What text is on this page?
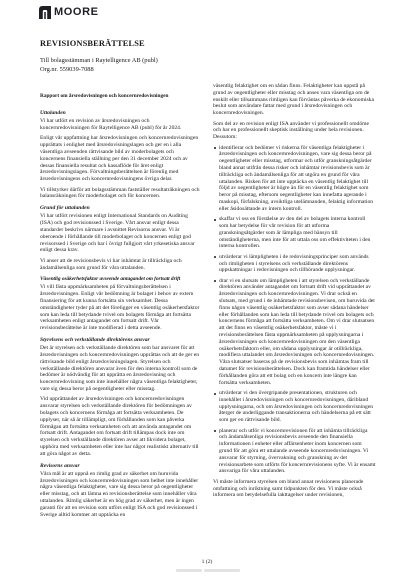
MOORE
REVISIONSBERÄTTELSE
Till bolagsstämman i Raytelligence AB (publ)
Org.nr. 559039-7088
Rapport om årsredovisningen och koncernredovisningen
Uttalanden

Vi har utfört en revision av årsredovisningen och koncernredovisningen för Raytelligence AB (publ) för år 2024.

Enligt vår uppfattning har årsredovisningen och koncernredovisningen upprättats i enlighet med årsredovisningslagen och ger en i alla väsentliga avseenden rättvisande bild av moderbolagets och koncernens finansiella ställning per den 31 december 2024 och av dessas finansiella resultat och kassaflöde för året enligt årsredovisningslagen. Förvaltningsberättelsen är förenlig med årsredovisningens och koncernredovisningens övriga delar.

Vi tillstyrker därför att bolagsstämman fastställer resultaträkningen och balansräkningen för moderbolaget och för koncernen.

Grund för uttalanden

Vi har utfört revisionen enligt International Standards on Auditing (ISA) och god revisionssed i Sverige. Vårt ansvar enligt dessa standarder beskrivs närmare i avsnittet Revisorns ansvar. Vi är oberoende i förhållande till moderbolaget och koncernen enligt god revisorssed i Sverige och har i övrigt fullgjort vårt yrkesetiska ansvar enligt dessa krav.

Vi anser att de revisionsbevis vi har inhämtat är tillräckliga och ändamålsenliga som grund för våra uttalanden.

Väsentlig osäkerhetsfaktor avseende antagandet om fortsatt drift

Vi vill fästa uppmärksamheten på förvaltningsberättelsen i årsredovisningen. Enligt vår bedömning är bolaget i behov av extern finansiering för att kunna fortsätta sin verksamhet. Dessa omständigheter tyder på att det föreligger en väsentlig osäkerhetsfaktor som kan leda till betydande tvivel om bolagets förmåga att fortsätta verksamheten enligt antagandet om fortsatt drift. Vår revisionsberättelse är inte modifierad i detta avseende.

Styrelsens och verkställande direktörens ansvar

Det är styrelsen och verkställande direktören som har ansvaret för att årsredovisningen och koncernredovisningen upprättas och att de ger en rättvisande bild enligt årsredovisningslagen. Styrelsen och verkställande direktören ansvarar även för den interna kontroll som de bedömer är nödvändig för att upprätta en årsredovisning och koncernredovisning som inte innehåller några väsentliga felaktigheter, vare sig dessa beror på oegentligheter eller misstag.

Vid upprättandet av årsredovisningen och koncernredovisningen ansvarar styrelsen och verkställande direktören för bedömningen av bolagets och koncernens förmåga att fortsätta verksamheten. De upplyser, när så är tillämpligt, om förhållanden som kan påverka förmågan att fortsätta verksamheten och att använda antagandet om fortsatt drift. Antagandet om fortsatt drift tillämpas dock inte om styrelsen och verkställande direktören avser att likvidera bolaget, upphöra med verksamheten eller inte har något realistiskt alternativ till att göra något av detta.

Revisorns ansvar

Våra mål är att uppnå en rimlig grad av säkerhet om huruvida årsredovisningen och koncernredovisningen som helhet inte innehåller några väsentliga felaktigheter, vare sig dessa beror på oegentligheter eller misstag, och att lämna en revisionsberättelse som innehåller våra uttalanden. Rimlig säkerhet är en hög grad av säkerhet, men är ingen garanti för att en revision som utförs enligt ISA och god revisionssed i Sverige alltid kommer att upptäcka en

väsentlig felaktighet om en sådan finns. Felaktigheter kan uppstå på grund av oegentligheter eller misstag och anses vara väsentliga om de enskilt eller tillsammans rimligen kan förväntas påverka de ekonomiska beslut som användare fattar med grund i årsredovisningen och koncernredovisningen.

Som del av en revision enligt ISA använder vi professionellt omdöme och har en professionellt skeptisk inställning under hela revisionen. Dessutom:

identifierar och bedömer vi riskerna för väsentliga felaktigheter i årsredovisningen och koncernredovisningen, vare sig dessa beror på oegentligheter eller misstag, utformar och utför granskningsåtgärder bland annat utifrån dessa risker och inhämtar revisionsbevis som är tillräckliga och ändamålsenliga för att utgöra en grund för våra uttalanden. Risken för att inte upptäcka en väsentlig felaktighet till följd av oegentligheter är högre än för en väsentlig felaktighet som beror på misstag, eftersom oegentligheter kan innefatta agerande i maskopi, förfalskning, avsiktliga utelämnanden, felaktig information eller åsidosättande av intern kontroll.

skaffar vi oss en förståelse av den del av bolagets interna kontroll som har betydelse för vår revision för att utforma granskningsåtgärder som är lämpliga med hänsyn till omständigheterna, men inte för att uttala oss om effektiviteten i den interna kontrollen.

utvärderar vi lämpligheten i de redovisningsprinciper som används och rimligheten i styrelsens och verkställande direktörens uppskattningar i redovisningen och tillhörande upplysningar.

drar vi en slutsats om lämpligheten i att styrelsen och verkställande direktören använder antagandet om fortsatt drift vid upprättandet av årsredovisningen och koncernredovisningen. Vi drar också en slutsats, med grund i de inhämtade revisionsbevisen, om huruvida det finns någon väsentlig osäkerhetsfaktor som avser sådana händelser eller förhållanden som kan leda till betydande tvivel om bolagets och koncernens förmåga att fortsätta verksamheten. Om vi drar slutsatsen att det finns en väsentlig osäkerhetsfaktor, måste vi i revisionsberättelsen fästa uppmärksamheten på upplysningarna i årsredovisningen och koncernredovisningen om den väsentliga osäkerhetsfaktorn eller, om sådana upplysningar är otillräckliga, modifiera uttalandet om årsredovisningen och koncernredovisningen. Våra slutsatser baseras på de revisionsbevis som inhämtas fram till datumet för revisionsberättelsen. Dock kan framtida händelser eller förhållanden göra att ett bolag och en koncern inte längre kan fortsätta verksamheten.

utvärderar vi den övergripande presentationen, strukturen och innehållet i årsredovisningen och koncernredovisningen, däribland upplysningarna, och om årsredovisningen och koncernredovisningen återger de underliggande transaktionerna och händelserna på ett sätt som ger en rättvisande bild.

planerar och utför vi koncernrevisionen för att inhämta tillräckliga och ändamålsenliga revisionsbevis avseende den finansiella informationen i enheter eller affärsenheter inom koncernen som grund för att göra ett uttalande avseende koncernredovisningen. Vi ansvarar för styrning, övervakning och granskning av det revisionsarbete som utförts för koncernrevisionens syfte. Vi är ensamt ansvariga för våra uttalanden.

Vi måste informera styrelsen om bland annat revisionens planerade omfattning och inriktning samt tidpunkten för den. Vi måste också informera om betydelsefulla iakttagelser under revisionen,

1 (2)
